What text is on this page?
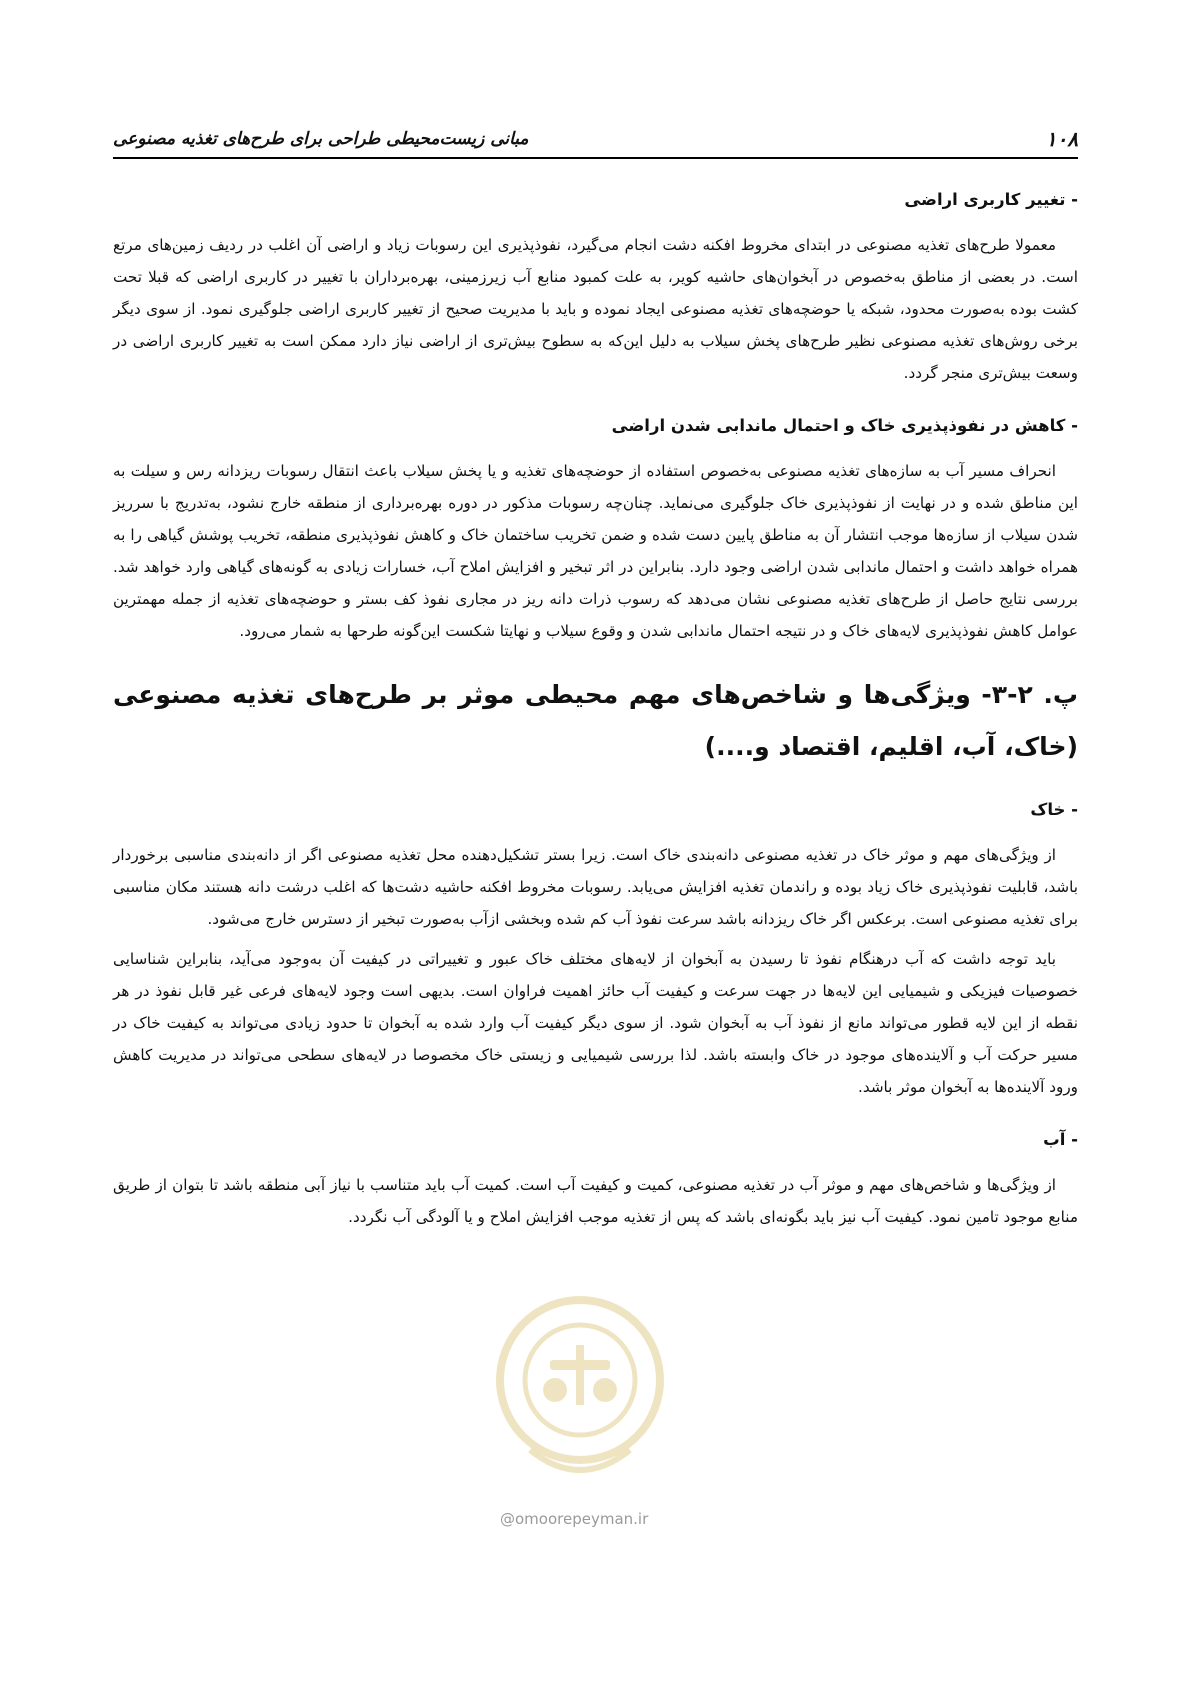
۱۰۸
مبانی زیست‌محیطی طراحی برای طرح‌های تغذیه مصنوعی
- تغییر کاربری اراضی

معمولا طرح‌های تغذیه مصنوعی در ابتدای مخروط افکنه دشت انجام می‌گیرد، نفوذپذیری این رسوبات زیاد و اراضی آن اغلب در ردیف زمین‌های مرتع است. در بعضی از مناطق به‌خصوص در آبخوان‌های حاشیه کویر، به علت کمبود منابع آب زیرزمینی، بهره‌برداران با تغییر در کاربری اراضی که قبلا تحت کشت بوده به‌صورت محدود، شبکه یا حوضچه‌های تغذیه مصنوعی ایجاد نموده و باید با مدیریت صحیح از تغییر کاربری اراضی جلوگیری نمود. از سوی دیگر برخی روش‌های تغذیه مصنوعی نظیر طرح‌های پخش سیلاب به دلیل این‌که به سطوح بیش‌تری از اراضی نیاز دارد ممکن است به تغییر کاربری اراضی در وسعت بیش‌تری منجر گردد.

- کاهش در نفوذپذیری خاک و احتمال ماندابی شدن اراضی

انحراف مسیر آب به سازه‌های تغذیه مصنوعی به‌خصوص استفاده از حوضچه‌های تغذیه و یا پخش سیلاب باعث انتقال رسوبات ریزدانه رس و سیلت به این مناطق شده و در نهایت از نفوذپذیری خاک جلوگیری می‌نماید. چنان‌چه رسوبات مذکور در دوره بهره‌برداری از منطقه خارج نشود، به‌تدریج با سرریز شدن سیلاب از سازه‌ها موجب انتشار آن به مناطق پایین دست شده و ضمن تخریب ساختمان خاک و کاهش نفوذپذیری منطقه، تخریب پوشش گیاهی را به همراه خواهد داشت و احتمال ماندابی شدن اراضی وجود دارد. بنابراین در اثر تبخیر و افزایش املاح آب، خسارات زیادی به گونه‌های گیاهی وارد خواهد شد. بررسی نتایج حاصل از طرح‌های تغذیه مصنوعی نشان می‌دهد که رسوب ذرات دانه ریز در مجاری نفوذ کف بستر و حوضچه‌های تغذیه از جمله مهمترین عوامل کاهش نفوذپذیری لایه‌های خاک و در نتیجه احتمال ماندابی شدن و وقوع سیلاب و نهایتا شکست این‌گونه طرحها به شمار می‌رود.

پ. ۲-۳- ویژگی‌ها و شاخص‌های مهم محیطی موثر بر طرح‌های تغذیه مصنوعی (خاک، آب، اقلیم، اقتصاد و....)
- خاک

از ویژگی‌های مهم و موثر خاک در تغذیه مصنوعی دانه‌بندی خاک است. زیرا بستر تشکیل‌دهنده محل تغذیه مصنوعی اگر از دانه‌بندی مناسبی برخوردار باشد، قابلیت نفوذپذیری خاک زیاد بوده و راندمان تغذیه افزایش می‌یابد. رسوبات مخروط افکنه حاشیه دشت‌ها که اغلب درشت دانه هستند مکان مناسبی برای تغذیه مصنوعی است. برعکس اگر خاک ریزدانه باشد سرعت نفوذ آب کم شده وبخشی ازآب به‌صورت تبخیر از دسترس خارج می‌شود.

باید توجه داشت که آب درهنگام نفوذ تا رسیدن به آبخوان از لایه‌های مختلف خاک عبور و تغییراتی در کیفیت آن به‌وجود می‌آید، بنابراین شناسایی خصوصیات فیزیکی و شیمیایی این لایه‌ها در جهت سرعت و کیفیت آب حائز اهمیت فراوان است. بدیهی است وجود لایه‌های فرعی غیر قابل نفوذ در هر نقطه از این لایه قطور می‌تواند مانع از نفوذ آب به آبخوان شود. از سوی دیگر کیفیت آب وارد شده به آبخوان تا حدود زیادی می‌تواند به کیفیت خاک در مسیر حرکت آب و آلاینده‌های موجود در خاک وابسته باشد. لذا بررسی شیمیایی و زیستی خاک مخصوصا در لایه‌های سطحی می‌تواند در مدیریت کاهش ورود آلاینده‌ها به آبخوان موثر باشد.

- آب

از ویژگی‌ها و شاخص‌های مهم و موثر آب در تغذیه مصنوعی، کمیت و کیفیت آب است. کمیت آب باید متناسب با نیاز آبی منطقه باشد تا بتوان از طریق منابع موجود تامین نمود. کیفیت آب نیز باید بگونه‌ای باشد که پس از تغذیه موجب افزایش املاح و یا آلودگی آب نگردد.

@omoorepeyman.ir
